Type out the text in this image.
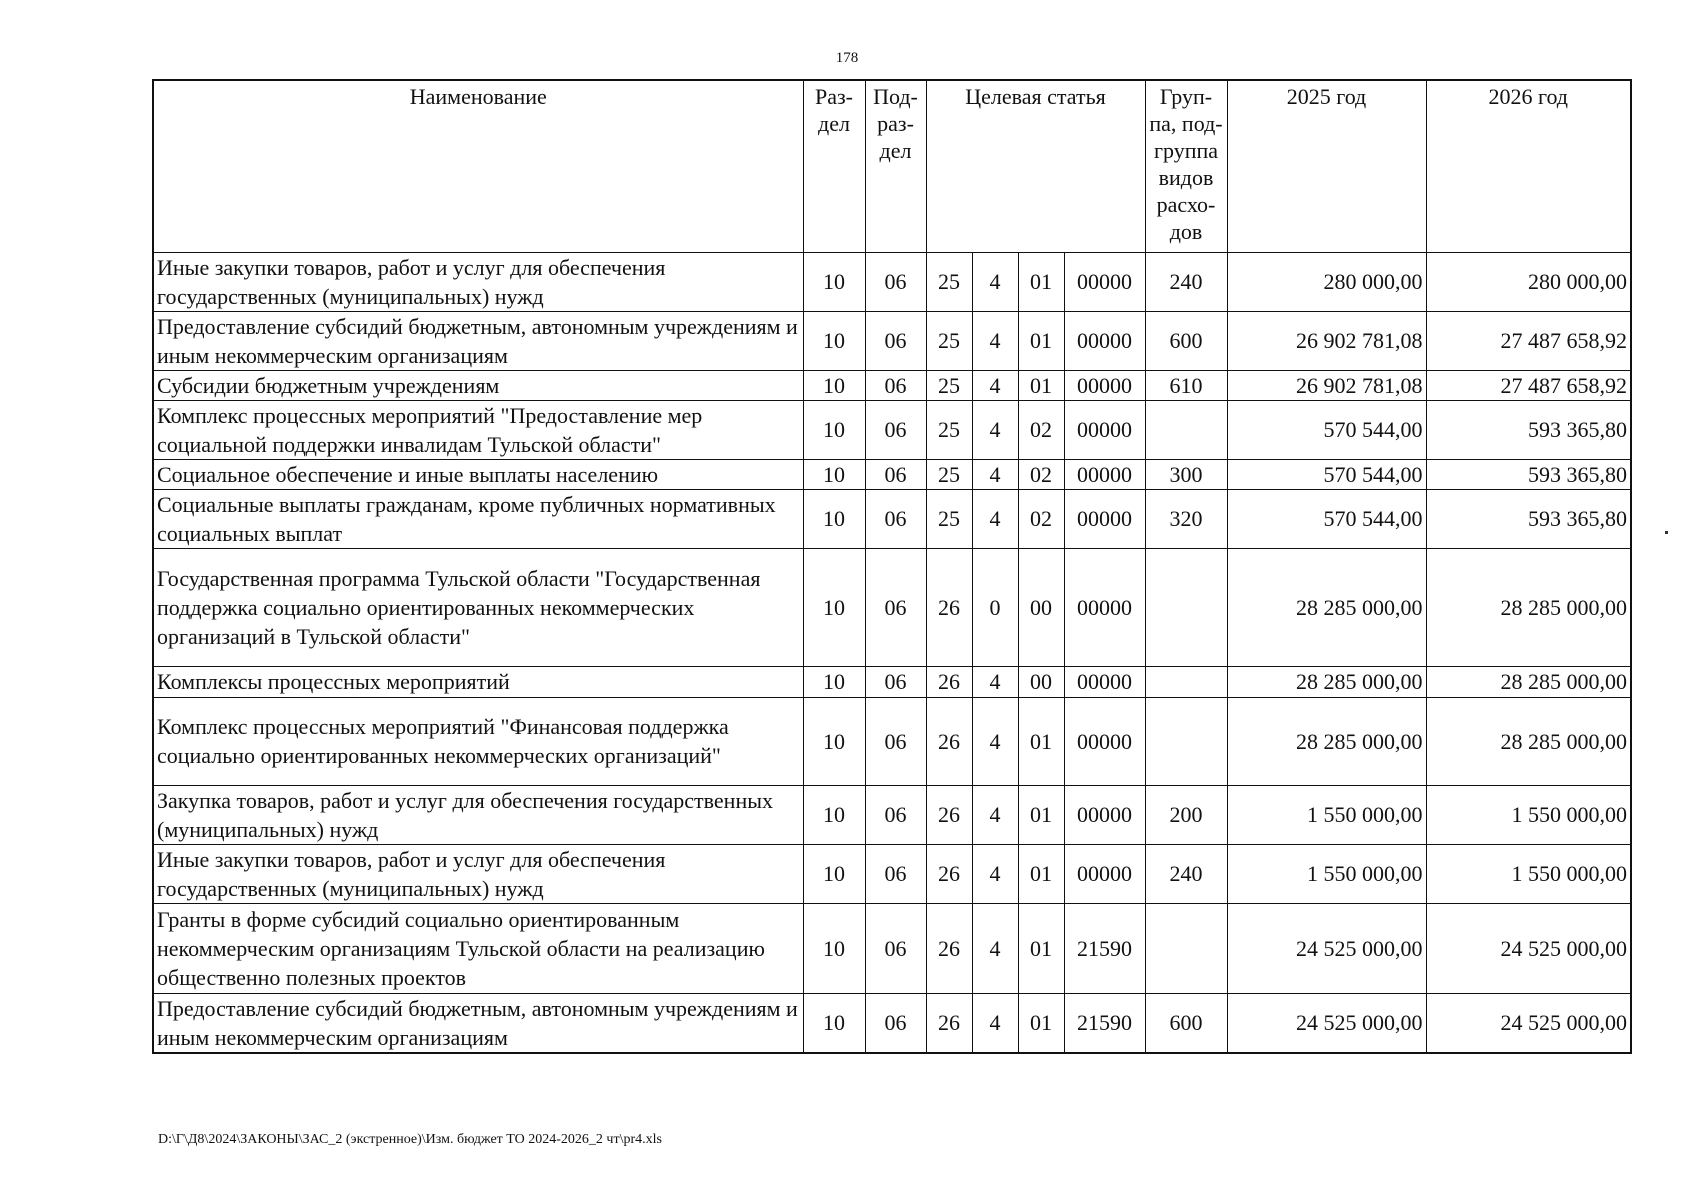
178
Наименование	Раз-дел	Под-раз-дел	Целевая статья				Груп-па, под-группа видов расхо-дов	2025 год	2026 год
Иные закупки товаров, работ и услуг для обеспечения государственных (муниципальных) нужд	10	06	25	4	01	00000	240	280 000,00	280 000,00
Предоставление субсидий бюджетным, автономным учреждениям и иным некоммерческим организациям	10	06	25	4	01	00000	600	26 902 781,08	27 487 658,92
Субсидии бюджетным учреждениям	10	06	25	4	01	00000	610	26 902 781,08	27 487 658,92
Комплекс процессных мероприятий "Предоставление мер социальной поддержки инвалидам Тульской области"	10	06	25	4	02	00000		570 544,00	593 365,80
Социальное обеспечение и иные выплаты населению	10	06	25	4	02	00000	300	570 544,00	593 365,80
Социальные выплаты гражданам, кроме публичных нормативных социальных выплат	10	06	25	4	02	00000	320	570 544,00	593 365,80
Государственная программа Тульской области "Государственная поддержка социально ориентированных некоммерческих организаций в Тульской области"	10	06	26	0	00	00000		28 285 000,00	28 285 000,00
Комплексы процессных мероприятий	10	06	26	4	00	00000		28 285 000,00	28 285 000,00
Комплекс процессных мероприятий "Финансовая поддержка социально ориентированных некоммерческих организаций"	10	06	26	4	01	00000		28 285 000,00	28 285 000,00
Закупка товаров, работ и услуг для обеспечения государственных (муниципальных) нужд	10	06	26	4	01	00000	200	1 550 000,00	1 550 000,00
Иные закупки товаров, работ и услуг для обеспечения государственных (муниципальных) нужд	10	06	26	4	01	00000	240	1 550 000,00	1 550 000,00
Гранты в форме субсидий социально ориентированным некоммерческим организациям Тульской области на реализацию общественно полезных проектов	10	06	26	4	01	21590		24 525 000,00	24 525 000,00
Предоставление субсидий бюджетным, автономным учреждениям и иным некоммерческим организациям	10	06	26	4	01	21590	600	24 525 000,00	24 525 000,00
D:\Г\Д8\2024\ЗАКОНЫ\ЗАС_2 (экстренное)\Изм. бюджет ТО 2024-2026_2 чт\pr4.xls
